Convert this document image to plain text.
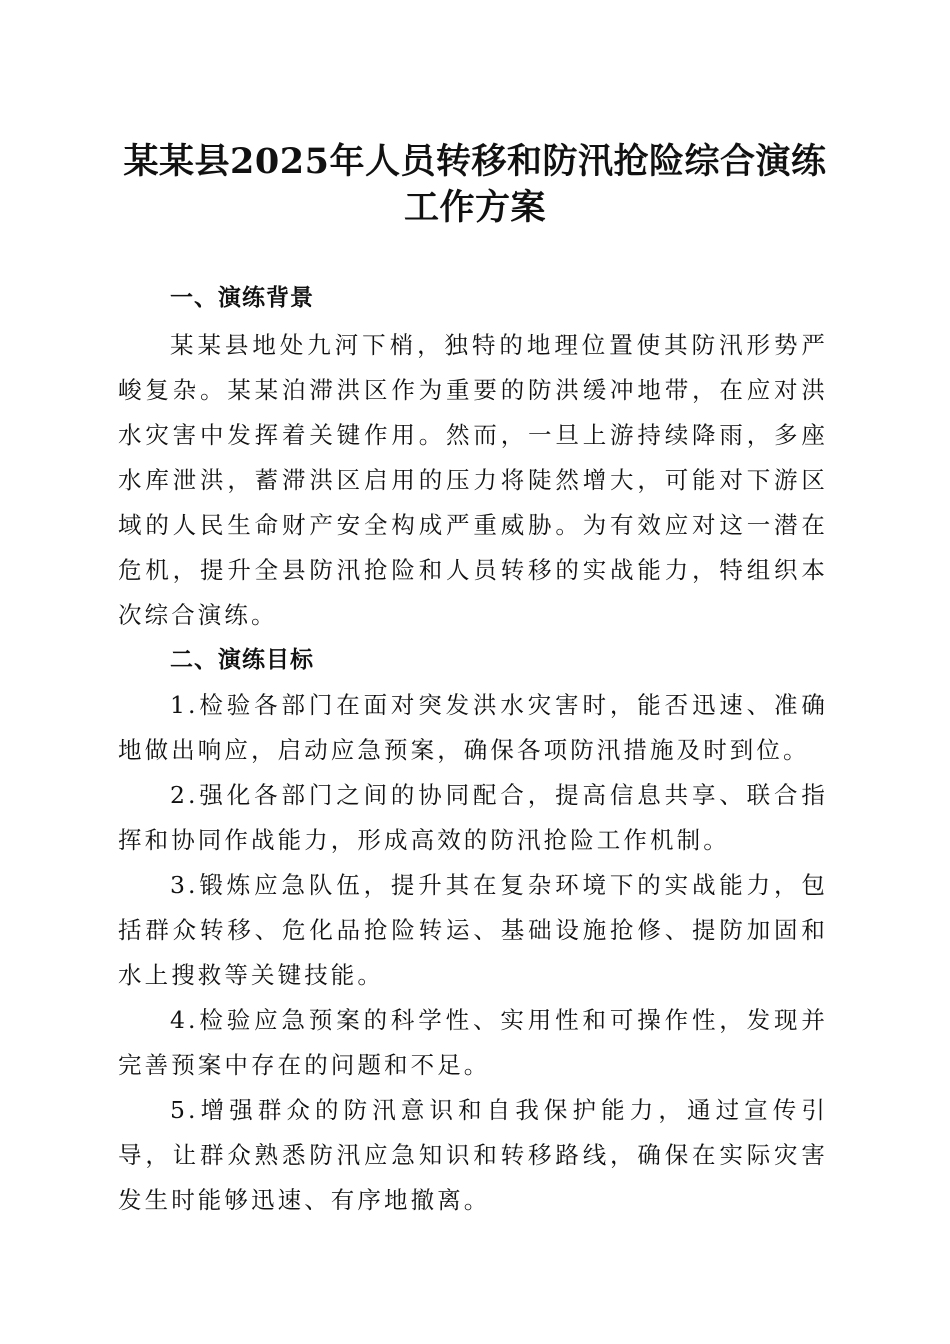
某某县2025年人员转移和防汛抢险综合演练
工作方案
一、演练背景

某某县地处九河下梢，独特的地理位置使其防汛形势严峻复杂。某某泊滞洪区作为重要的防洪缓冲地带，在应对洪水灾害中发挥着关键作用。然而，一旦上游持续降雨，多座水库泄洪，蓄滞洪区启用的压力将陡然增大，可能对下游区域的人民生命财产安全构成严重威胁。为有效应对这一潜在危机，提升全县防汛抢险和人员转移的实战能力，特组织本次综合演练。

二、演练目标

1.检验各部门在面对突发洪水灾害时，能否迅速、准确地做出响应，启动应急预案，确保各项防汛措施及时到位。

2.强化各部门之间的协同配合，提高信息共享、联合指挥和协同作战能力，形成高效的防汛抢险工作机制。

3.锻炼应急队伍，提升其在复杂环境下的实战能力，包括群众转移、危化品抢险转运、基础设施抢修、提防加固和水上搜救等关键技能。

4.检验应急预案的科学性、实用性和可操作性，发现并完善预案中存在的问题和不足。

5.增强群众的防汛意识和自我保护能力，通过宣传引导，让群众熟悉防汛应急知识和转移路线，确保在实际灾害发生时能够迅速、有序地撤离。
